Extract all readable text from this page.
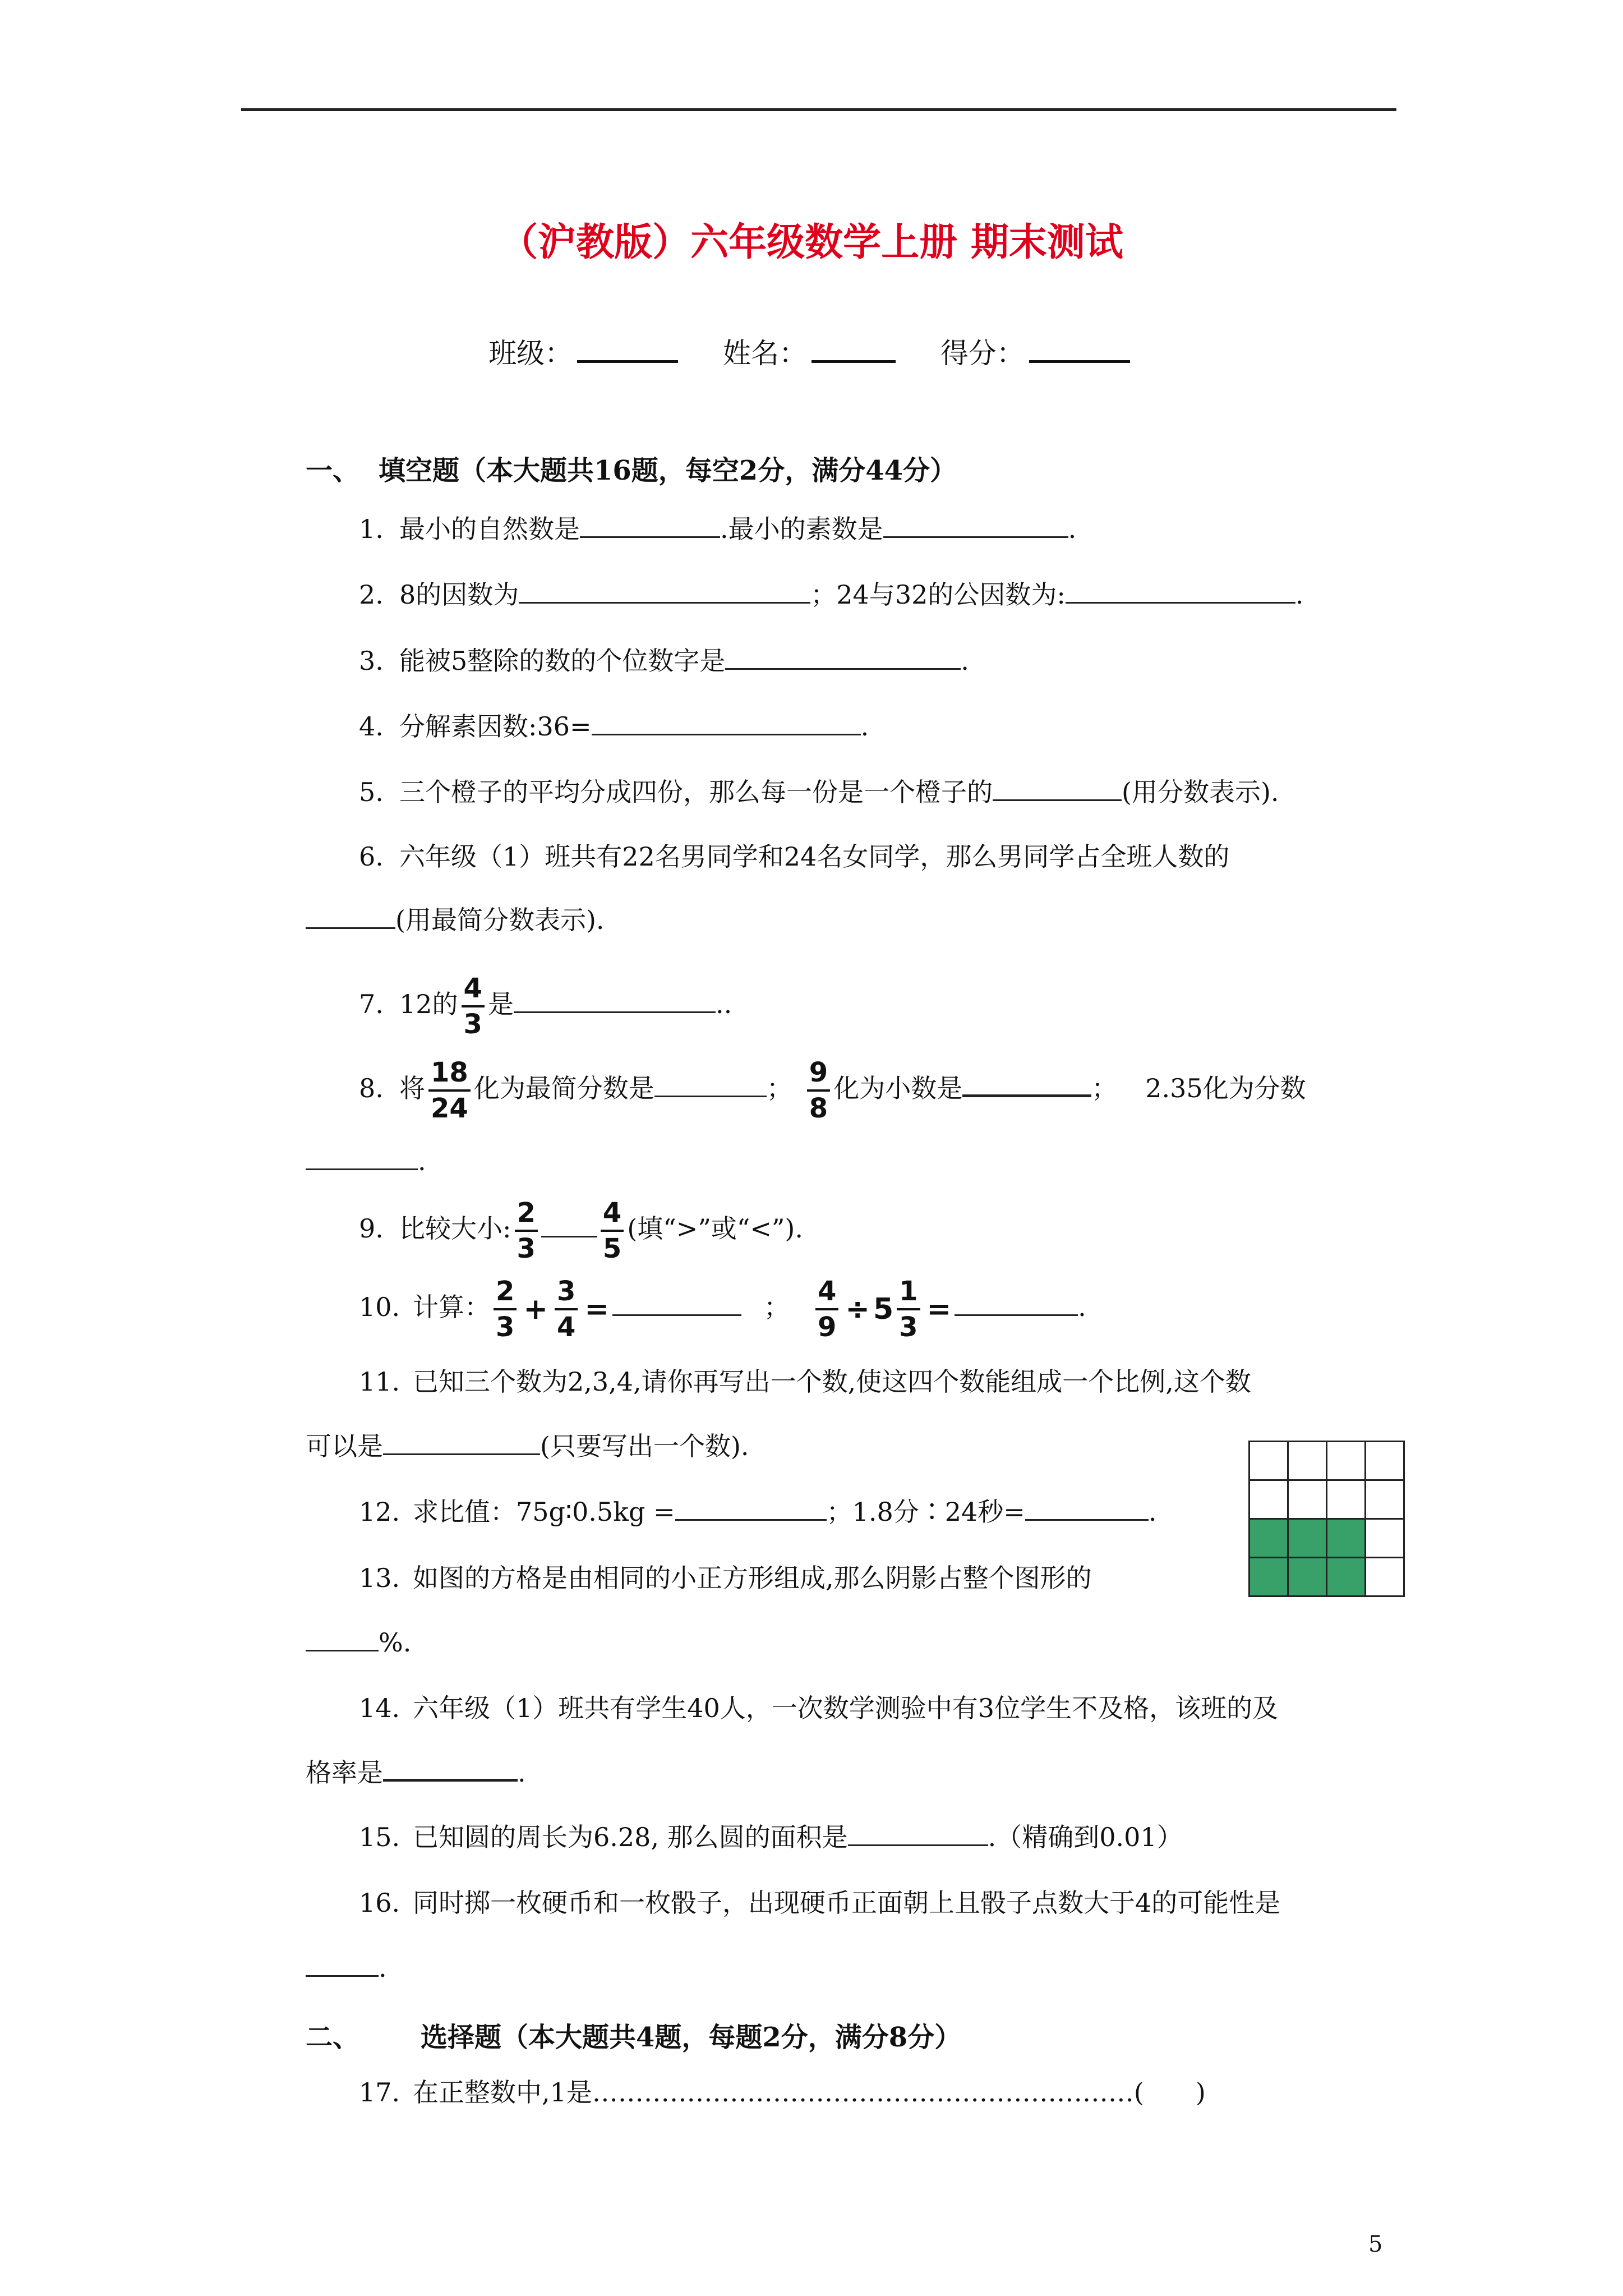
（沪教版）六年级数学上册 期末测试
班级：	姓名：	得分：
一、 填空题（本大题共16题，每空2分，满分44分）
1. 最小的自然数是	.最小的素数是	.
2. 8的因数为	；24与32的公因数为:	.
3. 能被5整除的数的个位数字是	.
4. 分解素因数:36=	.
5. 三个橙子的平均分成四份，那么每一份是一个橙子的	(用分数表示).
6. 六年级（1）班共有22名男同学和24名女同学，那么男同学占全班人数的
(用最简分数表示).
7. 12的 $\frac{4}{3}$ 是	..
8. 将 $\frac{18}{24}$ 化为最简分数是	； $\frac{9}{8}$ 化为小数是	； 2.35化为分数
.
9. 比较大小: $\frac{2}{3} \frac{4}{5}$ (填“>”或“<”).
10. 计算： $\frac{2}{3} + \frac{3}{4}$ =	； $\frac{4}{9} \div 5 \frac{1}{3}$ =	.
11. 已知三个数为2,3,4,请你再写出一个数,使这四个数能组成一个比例,这个数
可以是	(只要写出一个数).
12. 求比值：75g∶0.5kg =	；1.8分∶24秒=	.
13. 如图的方格是由相同的小正方形组成,那么阴影占整个图形的
%.

14. 六年级（1）班共有学生40人，一次数学测验中有3位学生不及格，该班的及
格率是	.
15. 已知圆的周长为6.28, 那么圆的面积是	.（精确到0.01）
16. 同时掷一枚硬币和一枚骰子，出现硬币正面朝上且骰子点数大于4的可能性是
.
二、 选择题（本大题共4题，每题2分，满分8分）
17. 在正整数中,1是………………………………………………………(　　)
5
